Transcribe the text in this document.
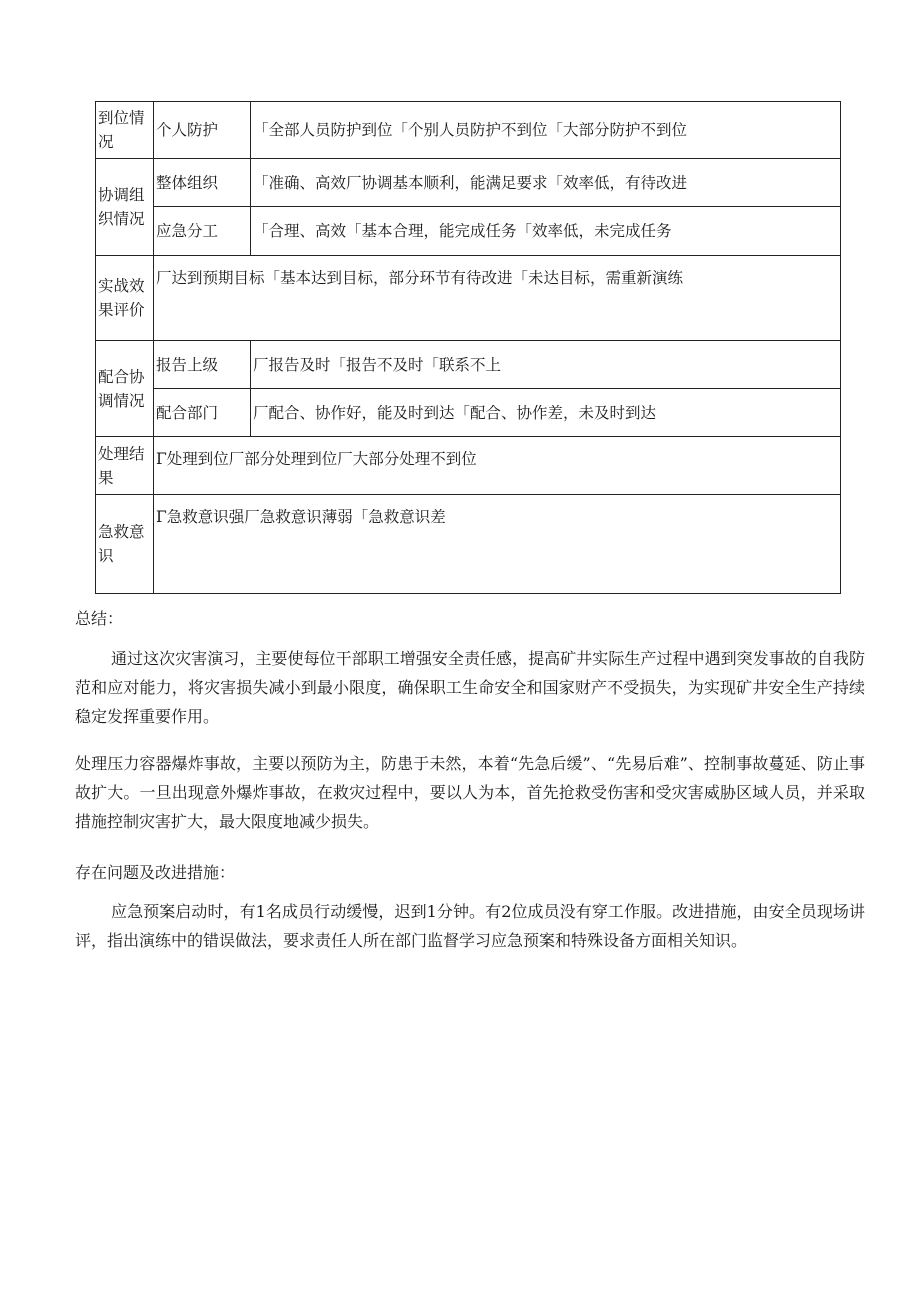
到位情况	个人防护	「全部人员防护到位「个别人员防护不到位「大部分防护不到位
协调组织情况	整体组织	「准确、高效厂协调基本顺利，能满足要求「效率低，有待改进
	应急分工	「合理、高效「基本合理，能完成任务「效率低，未完成任务
实战效果评价	厂达到预期目标「基本达到目标，部分环节有待改进「未达目标，需重新演练	
配合协调情况	报告上级	厂报告及时「报告不及时「联系不上
	配合部门	厂配合、协作好，能及时到达「配合、协作差，未及时到达
处理结果	Γ处理到位厂部分处理到位厂大部分处理不到位	
急救意识	Γ急救意识强厂急救意识薄弱「急救意识差	
总结：
通过这次灾害演习，主要使每位干部职工增强安全责任感，提高矿井实际生产过程中遇到突发事故的自我防范和应对能力，将灾害损失减小到最小限度，确保职工生命安全和国家财产不受损失，为实现矿井安全生产持续稳定发挥重要作用。
处理压力容器爆炸事故，主要以预防为主，防患于未然，本着“先急后缓”、“先易后难”、控制事故蔓延、防止事故扩大。一旦出现意外爆炸事故，在救灾过程中，要以人为本，首先抢救受伤害和受灾害威胁区域人员，并采取措施控制灾害扩大，最大限度地减少损失。
存在问题及改进措施：
应急预案启动时，有1名成员行动缓慢，迟到1分钟。有2位成员没有穿工作服。改进措施，由安全员现场讲评，指出演练中的错误做法，要求责任人所在部门监督学习应急预案和特殊设备方面相关知识。
